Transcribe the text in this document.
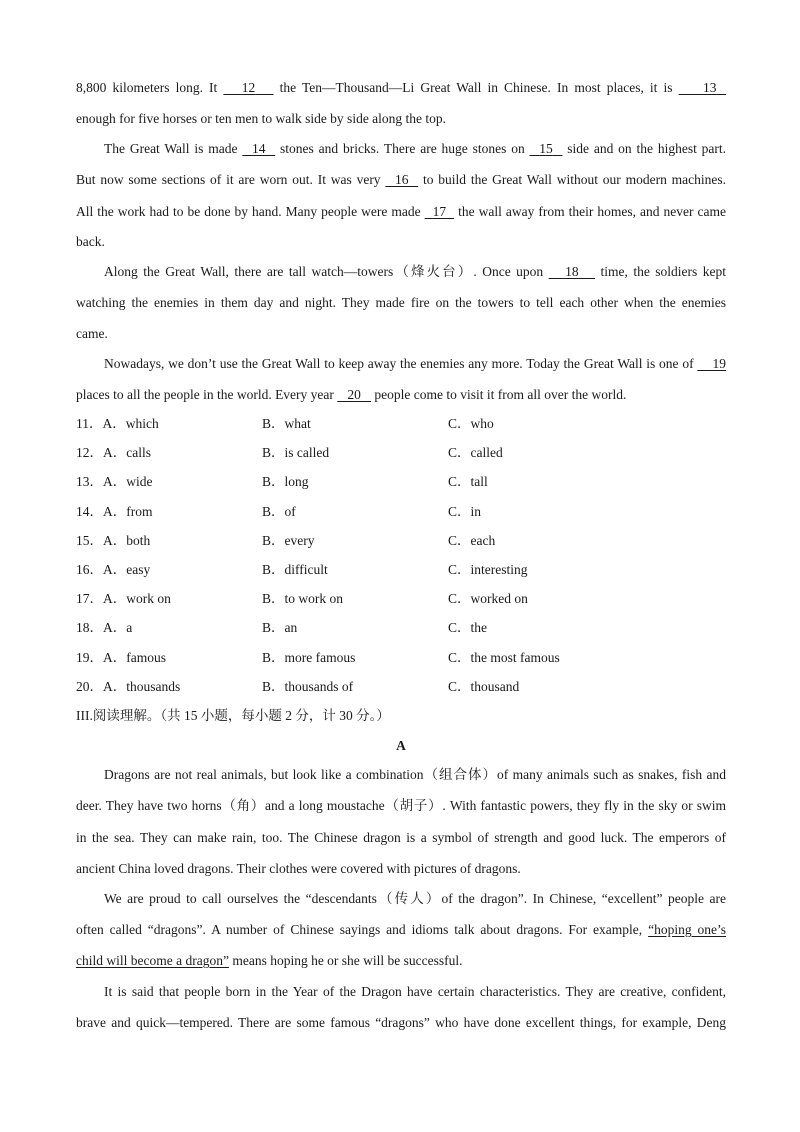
8,800 kilometers long. It    12    the Ten—Thousand—Li Great Wall in Chinese. In most places, it is     13
enough for five horses or ten men to walk side by side along the top.
The Great Wall is made   14   stones and bricks. There are huge stones on   15   side and on the highest part.
But now some sections of it are worn out. It was very   16   to build the Great Wall without our modern machines.
All the work had to be done by hand. Many people were made   17   the wall away from their homes, and never came
back.
Along the Great Wall, there are tall watch—towers（烽火台）. Once upon    18    time, the soldiers kept
watching the enemies in them day and night. They made fire on the towers to tell each other when the enemies
came.
Nowadays, we don’t use the Great Wall to keep away the enemies any more. Today the Great Wall is one of     19
places to all the people in the world. Every year    20    people come to visit it from all over the world.
11．A．which	B．what	C．who
12．A．calls	B．is called	C．called
13．A．wide	B．long	C．tall
14．A．from	B．of	C．in
15．A．both	B．every	C．each
16．A．easy	B．difficult	C．interesting
17．A．work on	B．to work on	C．worked on
18．A．a	B．an	C．the
19．A．famous	B．more famous	C．the most famous
20．A．thousands	B．thousands of	C．thousand
III.阅读理解。（共 15 小题，每小题 2 分，计 30 分。）
A
Dragons are not real animals, but look like a combination（组合体）of many animals such as snakes, fish and
deer. They have two horns（角）and a long moustache（胡子）. With fantastic powers, they fly in the sky or swim
in the sea. They can make rain, too. The Chinese dragon is a symbol of strength and good luck. The emperors of
ancient China loved dragons. Their clothes were covered with pictures of dragons.
We are proud to call ourselves the “descendants（传人）of the dragon”. In Chinese, “excellent” people are
often called “dragons”. A number of Chinese sayings and idioms talk about dragons. For example, “hoping one’s
child will become a dragon” means hoping he or she will be successful.
It is said that people born in the Year of the Dragon have certain characteristics. They are creative, confident,
brave and quick—tempered. There are some famous “dragons” who have done excellent things, for example, Deng
